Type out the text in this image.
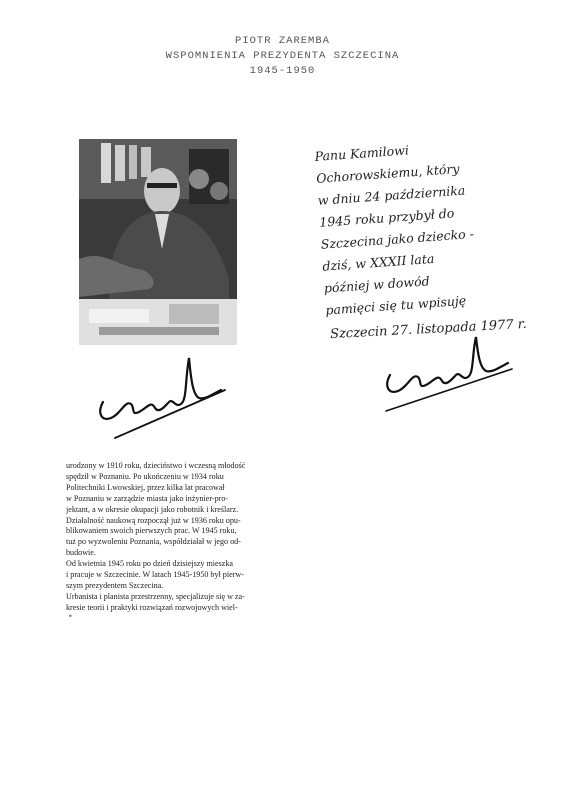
PIOTR ZAREMBA
WSPOMNIENIA PREZYDENTA SZCZECINA
1945-1950
Panu Kamilowi
Ochorowskiemu, który
w dniu 24 października
1945 roku przybył do
Szczecina jako dziecko -
dziś, w XXXII lata
później w dowód
pamięci się tu wpisuję
Szczecin 27. listopada 1977 r.
urodzony w 1910 roku, dzieciństwo i wczesną młodość
spędził w Poznaniu. Po ukończeniu w 1934 roku
Politechniki Lwowskiej, przez kilka lat pracował
w Poznaniu w zarządzie miasta jako inżynier-pro-
jektant, a w okresie okupacji jako robotnik i kreślarz.
Działalność naukową rozpoczął już w 1936 roku opu-
blikowaniem swoich pierwszych prac. W 1945 roku,
tuż po wyzwoleniu Poznania, współdziałał w jego od-
budowie.
Od kwietnia 1945 roku po dzień dzisiejszy mieszka
i pracuje w Szczecinie. W latach 1945-1950 był pierw-
szym prezydentem Szczecina.
Urbanista i planista przestrzenny, specjalizuje się w za-
kresie teorii i praktyki rozwiązań rozwojowych wiel-
•
